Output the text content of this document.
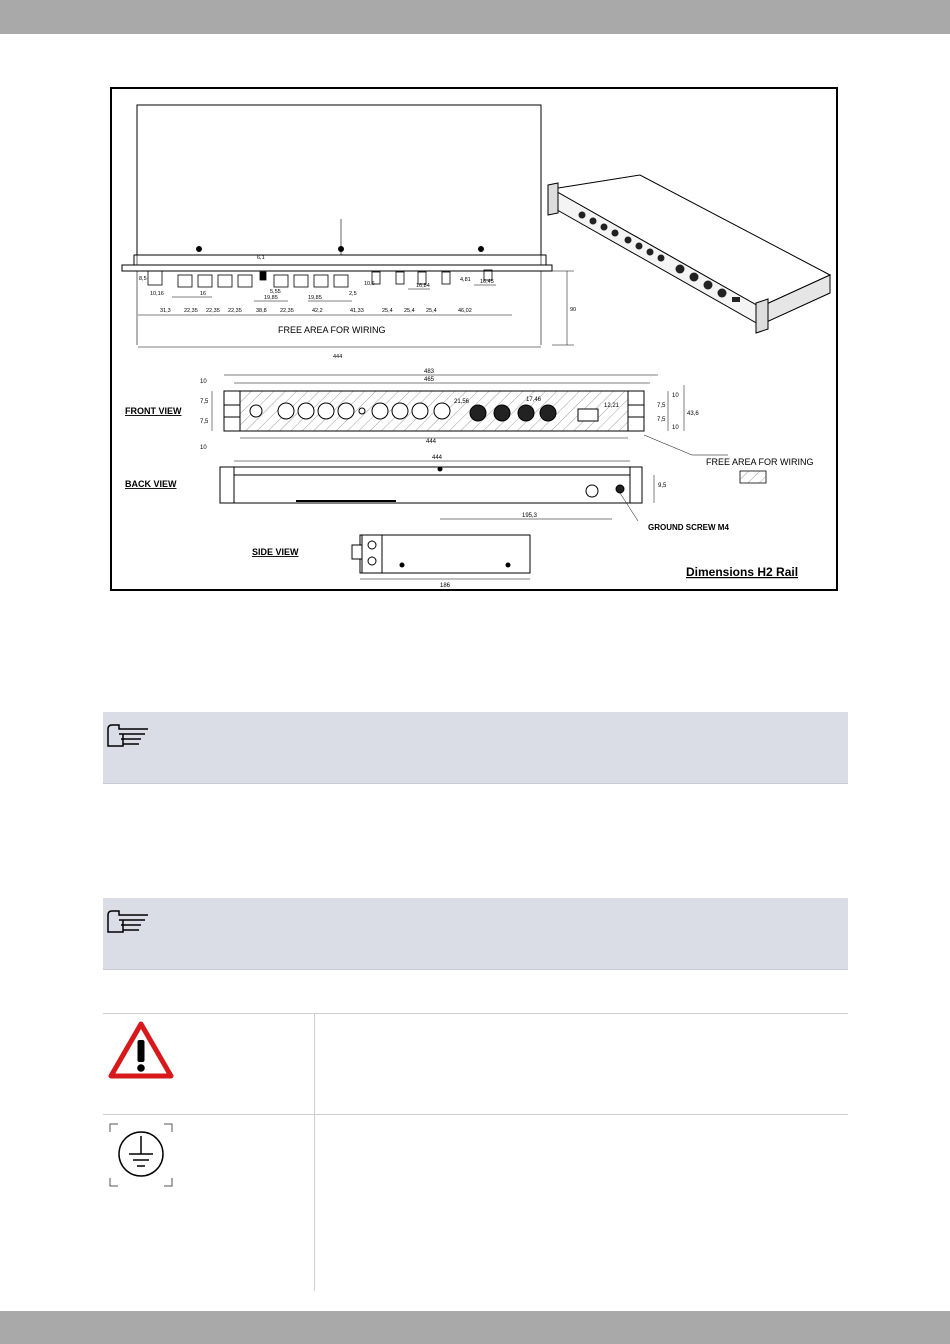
31,3 22,35 22,35 22,35	38,8 22,35	42,2	41,33	25,4 25,4 25,4	46,02
16
19,85	19,85
2,5
16,84
16,45
8,5
10,16
10,6
4,81
6,1
5,55
444
90
FREE AREA FOR WIRING
FRONT VIEW
483
465
444
10
7,5
7,5
10
10
7,5
7,5
10
43,6
21,56	17,46
12,21
FREE AREA FOR WIRING
BACK VIEW
444
195,3
9,5
GROUND SCREW M4
SIDE VIEW
186
Dimensions H2 Rail
